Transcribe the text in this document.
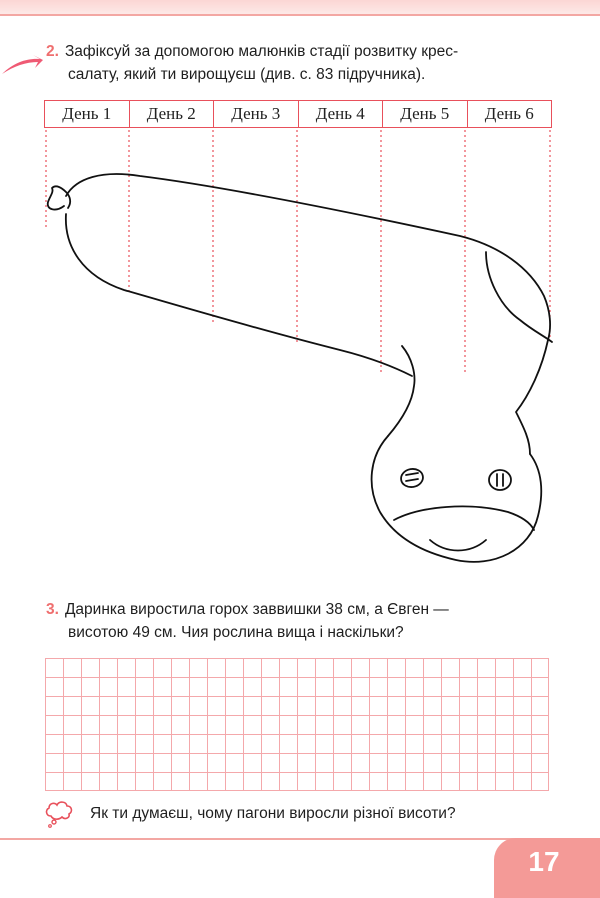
2. Зафіксуй за допомогою малюнків стадії розвитку крес-
салату, який ти вирощуєш (див. с. 83 підручника).
День 1	День 2	День 3	День 4	День 5	День 6
3. Даринка виростила горох заввишки 38 см, а Євген —
висотою 49 см. Чия рослина вища і наскільки?
Як ти думаєш, чому пагони виросли різної висоти?
17
